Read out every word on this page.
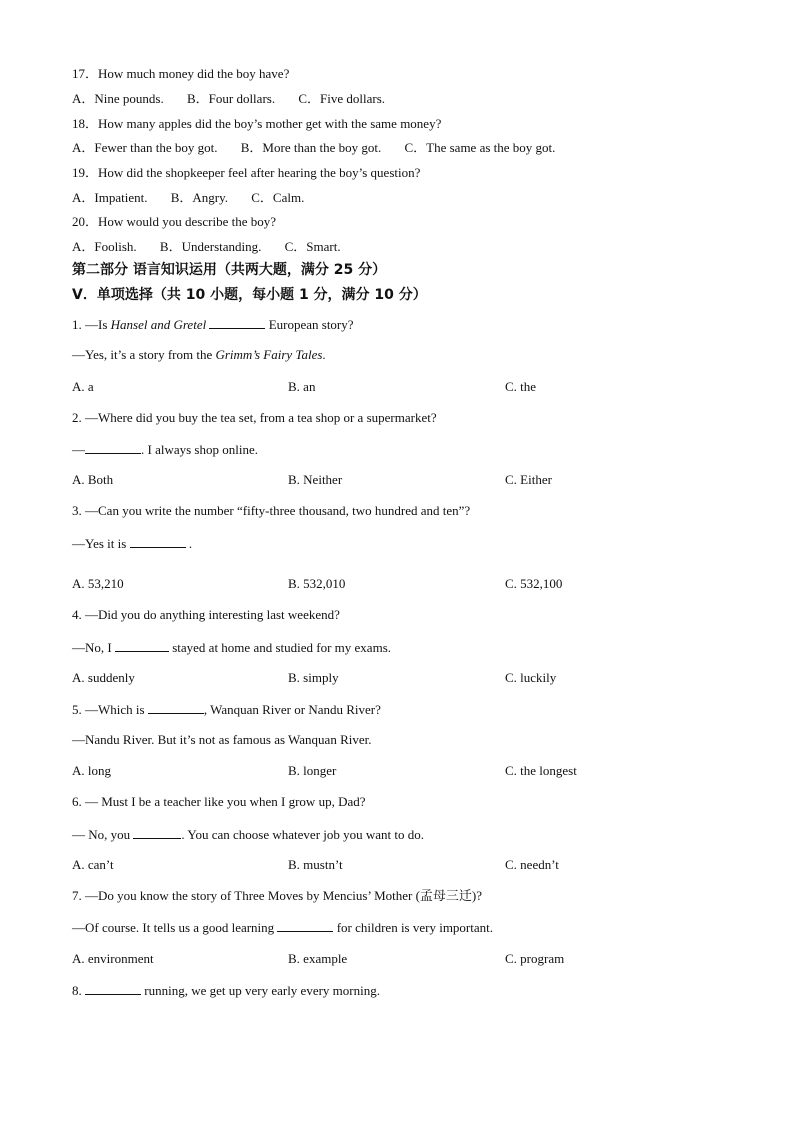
17．How much money did the boy have?
A．Nine pounds. B．Four dollars. C．Five dollars.
18．How many apples did the boy’s mother get with the same money?
A．Fewer than the boy got. B．More than the boy got. C．The same as the boy got.
19．How did the shopkeeper feel after hearing the boy’s question?
A．Impatient. B．Angry. C．Calm.
20．How would you describe the boy?
A．Foolish. B．Understanding. C．Smart.
第二部分 语言知识运用（共两大题，满分 25 分）
Ⅴ．单项选择（共 10 小题，每小题 1 分，满分 10 分）
1. —Is Hansel and Gretel	European story?
—Yes, it’s a story from the Grimm’s Fairy Tales.
A. a	B. an	C. the
2. —Where did you buy the tea set, from a tea shop or a supermarket?
—	. I always shop online.
A. Both	B. Neither	C. Either
3. —Can you write the number “fifty-three thousand, two hundred and ten”?
—Yes it is	.
A. 53,210	B. 532,010	C. 532,100
4. —Did you do anything interesting last weekend?
—No, I	stayed at home and studied for my exams.
A. suddenly	B. simply	C. luckily
5. —Which is	, Wanquan River or Nandu River?
—Nandu River. But it’s not as famous as Wanquan River.
A. long	B. longer	C. the longest
6. — Must I be a teacher like you when I grow up, Dad?
— No, you	. You can choose whatever job you want to do.
A. can’t	B. mustn’t	C. needn’t
7. —Do you know the story of Three Moves by Mencius’ Mother (孟母三迁)?
—Of course. It tells us a good learning	for children is very important.
A. environment	B. example	C. program
8.	running, we get up very early every morning.
